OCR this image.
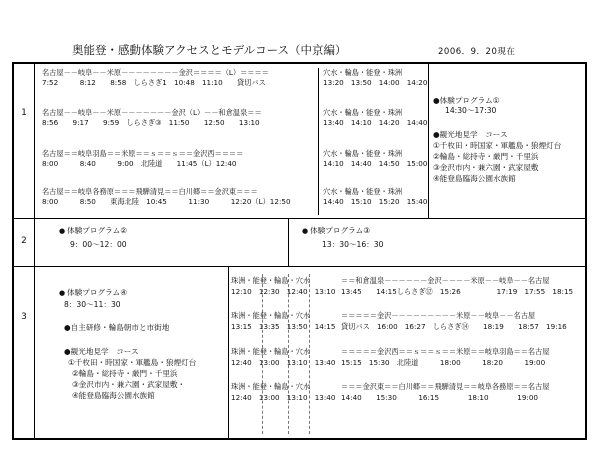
奥能登・感動体験アクセスとモデルコース（中京編）	2006．9．20現在
1
2
3
名古屋－－岐阜－－米原－－－－－－－－金沢＝＝＝＝（L）＝＝＝＝
7:52　　　8:12　　8:58　しらさぎ1　10:48　11:10　　貸切バス
穴水・輪島・能登・珠洲
13:20　13:50　14:00　14:20
名古屋－－岐阜－－米原－－－－－－－金沢（L）－－和倉温泉＝＝
8:56　　9:17　　9:59　しらさぎ③　11:50　　12:50　　13:10
穴水・輪島・能登・珠洲
13:40　14:10　14:20　14:40
名古屋＝＝岐阜羽島＝＝米原＝＝ｓ＝＝ｓ＝＝金沢西＝＝＝＝
8:00　　　8:40　　　9:00　北陸道　　11:45（L）12:40
穴水・輪島・能登・珠洲
14:10　14:40　14:50　15:00
名古屋＝＝岐阜各務原＝＝＝飛騨清見＝＝白川郷＝＝金沢東＝＝＝
8:00　　　8:50　　東海北陸　10:45　　　11:30　　　12:20（L）12:50
穴水・輪島・能登・珠洲
14:40　15:10　15:20　15:40
●体験プログラム①
14:30～17:30
●観光地見学　コース
①千枚田・時国家・軍艦島・狼煙灯台
②輪島・総持寺・厳門・千里浜
③金沢市内・兼六園・武家屋敷
④能登島臨海公園水族館
● 体験プログラム②
9：00～12：00
● 体験プログラム③
13：30～16：30
● 体験プログラム④
8：30～11：30
●自主研修・輪島朝市と市街地
●観光地見学　コース
①千枚田・時国家・軍艦島・狼煙灯台
②輪島・総持寺・厳門・千里浜
③金沢市内・兼六園・武家屋敷・
④能登島臨海公園水族館
珠洲・能登・輪島・穴水
12:10　12:30　12:40　13:10
＝＝和倉温泉－－－－－－金沢－－－－米原－－岐阜－－名古屋
13:45　　14:15しらさぎ⑫　15:26　　　　　17:19　17:55　18:15
珠洲・能登・輪島・穴水
13:15　13:35　13:50　14:15
＝＝＝＝＝金沢－－－－－－－－－米原－－岐阜－－名古屋
貸切バス　16:00　16:27　しらさぎ⑭　　18:19　　18:57　19:16
珠洲・能登・輪島・穴水
12:40　13:00　13:10　13:40
＝＝＝＝＝金沢西＝＝ｓ＝＝ｓ＝＝米原＝＝岐阜羽島＝＝名古屋
15:15　15:30　北陸道　　　18:00　　　18:20　　　19:00
珠洲・能登・輪島・穴水
12:40　13:00　13:10　13:40
＝＝＝金沢東＝＝白川郷＝＝飛騨清見＝＝岐阜各務原＝＝名古屋
14:40　　15:30　　　16:15　　　　18:10　　　　19:00
